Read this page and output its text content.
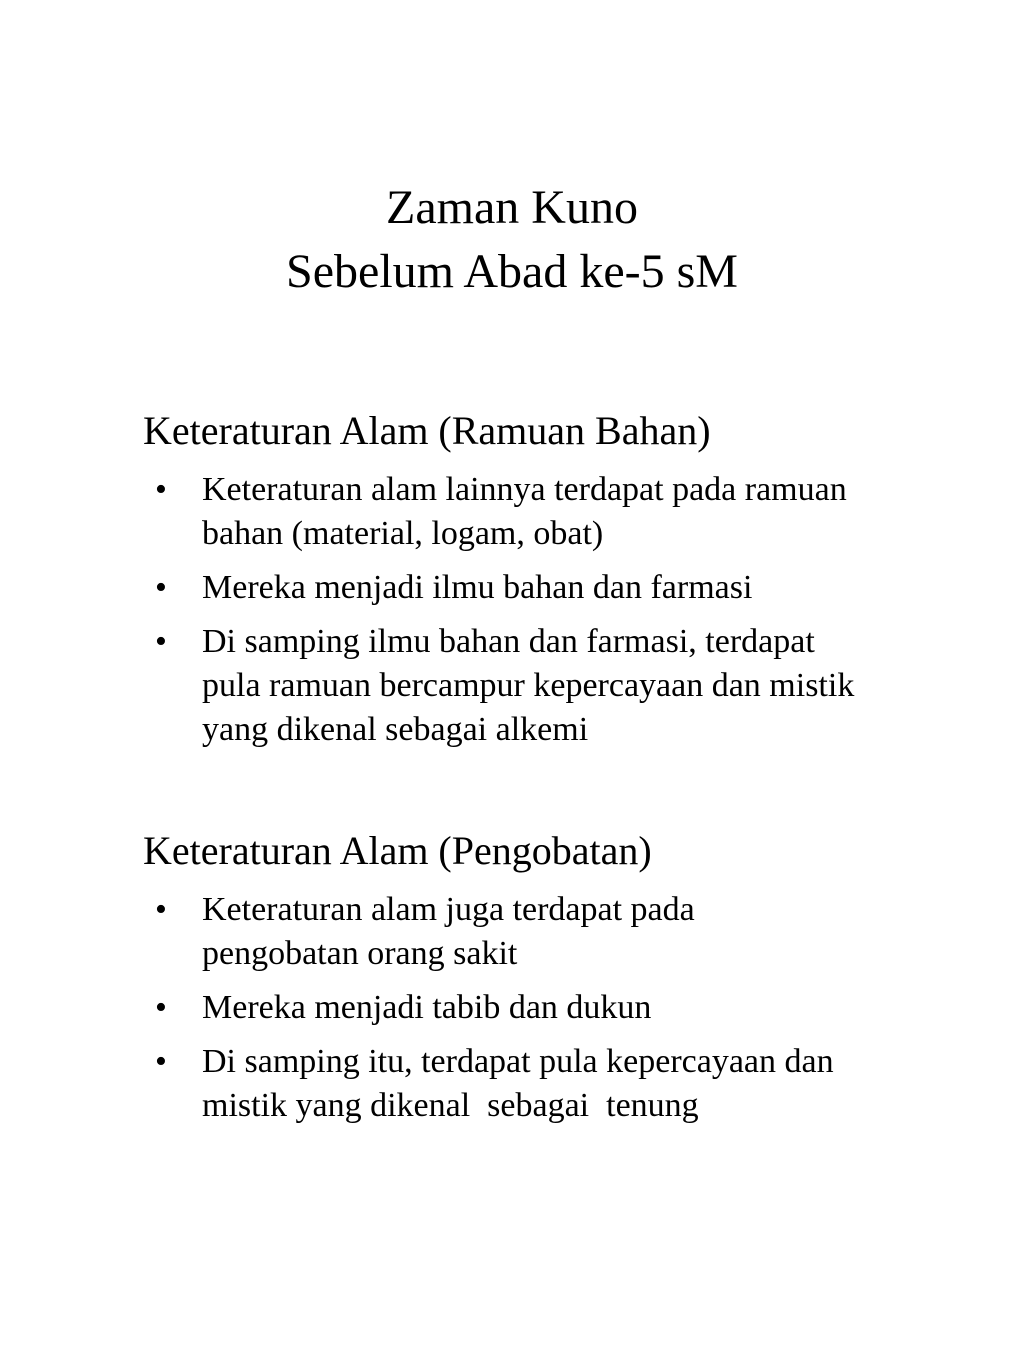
Zaman Kuno
Sebelum Abad ke-5 sM
Keteraturan Alam (Ramuan Bahan)
• Keteraturan alam lainnya terdapat pada ramuan
bahan (material, logam, obat)
• Mereka menjadi ilmu bahan dan farmasi
• Di samping ilmu bahan dan farmasi, terdapat
pula ramuan bercampur kepercayaan dan mistik
yang dikenal sebagai alkemi
Keteraturan Alam (Pengobatan)
• Keteraturan alam juga terdapat pada
pengobatan orang sakit
• Mereka menjadi tabib dan dukun
• Di samping itu, terdapat pula kepercayaan dan
mistik yang dikenal  sebagai  tenung
